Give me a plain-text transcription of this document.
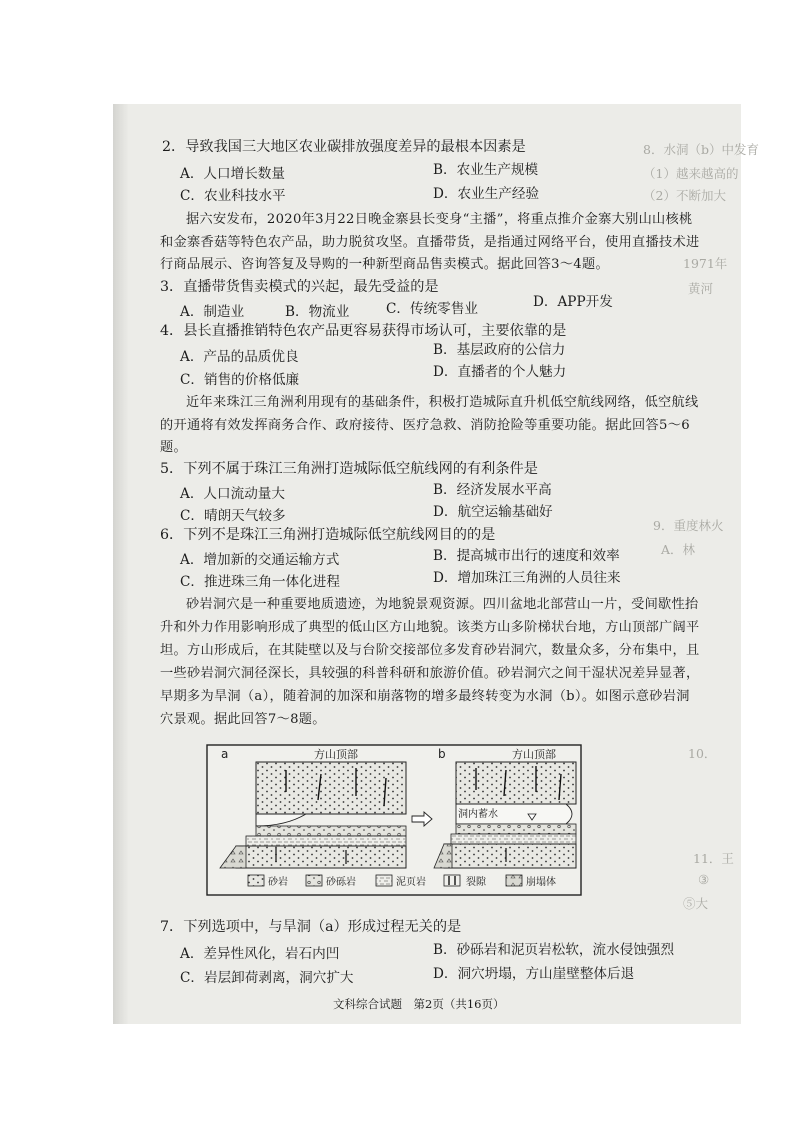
8．水洞（b）中发育
（1）越来越高的
（2）不断加大
1971年
黄河
9．重度林火
A．林
10．
11．王
③
⑤大
2．导致我国三大地区农业碳排放强度差异的最根本因素是
A．人口增长数量	B．农业生产规模
C．农业科技水平	D．农业生产经验
据六安发布，2020年3月22日晚金寨县长变身“主播”，将重点推介金寨大别山山核桃
和金寨香菇等特色农产品，助力脱贫攻坚。直播带货，是指通过网络平台，使用直播技术进
行商品展示、咨询答复及导购的一种新型商品售卖模式。据此回答3～4题。
3．直播带货售卖模式的兴起，最先受益的是
A．制造业	B．物流业	C．传统零售业	D．APP开发
4．县长直播推销特色农产品更容易获得市场认可，主要依靠的是
A．产品的品质优良	B．基层政府的公信力
C．销售的价格低廉	D．直播者的个人魅力
近年来珠江三角洲利用现有的基础条件，积极打造城际直升机低空航线网络，低空航线
的开通将有效发挥商务合作、政府接待、医疗急救、消防抢险等重要功能。据此回答5～6
题。
5．下列不属于珠江三角洲打造城际低空航线网的有利条件是
A．人口流动量大	B．经济发展水平高
C．晴朗天气较多	D．航空运输基础好
6．下列不是珠江三角洲打造城际低空航线网目的的是
A．增加新的交通运输方式	B．提高城市出行的速度和效率
C．推进珠三角一体化进程	D．增加珠江三角洲的人员往来
砂岩洞穴是一种重要地质遗迹，为地貌景观资源。四川盆地北部营山一片，受间歇性抬
升和外力作用影响形成了典型的低山区方山地貌。该类方山多阶梯状台地，方山顶部广阔平
坦。方山形成后，在其陡壁以及与台阶交接部位多发育砂岩洞穴，数量众多，分布集中，且
一些砂岩洞穴洞径深长，具较强的科普科研和旅游价值。砂岩洞穴之间干湿状况差异显著，
早期多为旱洞（a），随着洞的加深和崩落物的增多最终转变为水洞（b）。如图示意砂岩洞
穴景观。据此回答7～8题。
a	方山顶部	b	方山顶部
洞内蓄水
砂岩	砂砾岩	泥页岩	裂隙	崩塌体
7．下列选项中，与旱洞（a）形成过程无关的是
A．差异性风化，岩石内凹	B．砂砾岩和泥页岩松软，流水侵蚀强烈
C．岩层卸荷剥离，洞穴扩大	D．洞穴坍塌，方山崖壁整体后退
文科综合试题　第2页（共16页）
